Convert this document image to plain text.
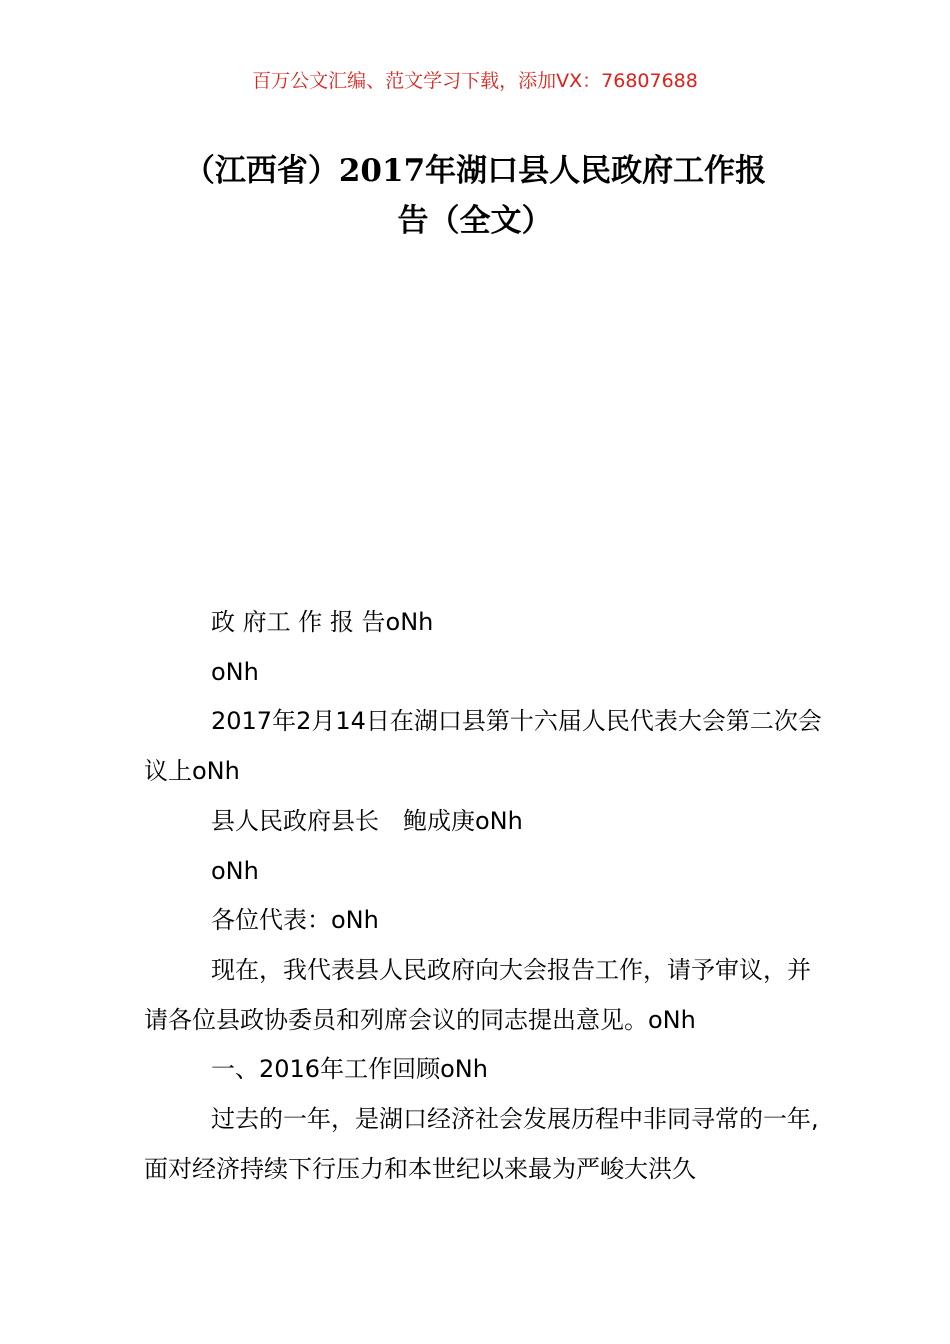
百万公文汇编、范文学习下载，添加VX：76807688
（江西省）2017年湖口县人民政府工作报
告（全文）

政 府工 作 报 告oNh

oNh

2017年2月14日在湖口县第十六届人民代表大会第二次会议上oNh

县人民政府县长 鲍成庚oNh

oNh

各位代表：oNh

现在，我代表县人民政府向大会报告工作，请予审议，并请各位县政协委员和列席会议的同志提出意见。oNh

一、2016年工作回顾oNh

过去的一年，是湖口经济社会发展历程中非同寻常的一年,面对经济持续下行压力和本世纪以来最为严峻大洪久
